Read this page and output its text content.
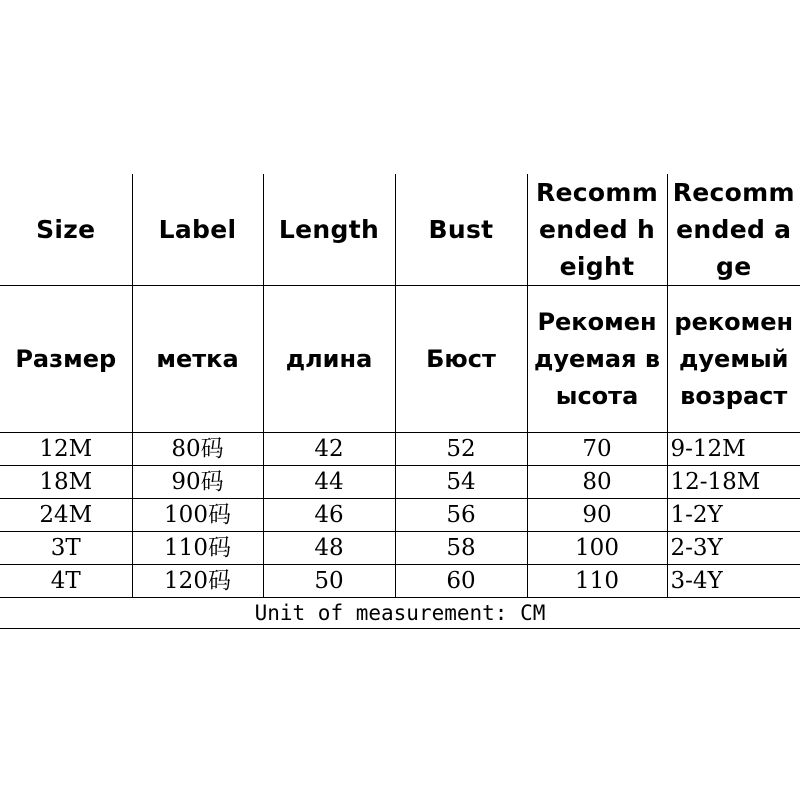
Size	Label	Length	Bust	Recommended height	Recommended age
Размер	метка	длина	Бюст	Рекомендуемая высота	рекомендуемый возраст
12M	80码	42	52	70	9-12M
18M	90码	44	54	80	12-18M
24M	100码	46	56	90	1-2Y
3T	110码	48	58	100	2-3Y
4T	120码	50	60	110	3-4Y
Unit of measurement: CM					
